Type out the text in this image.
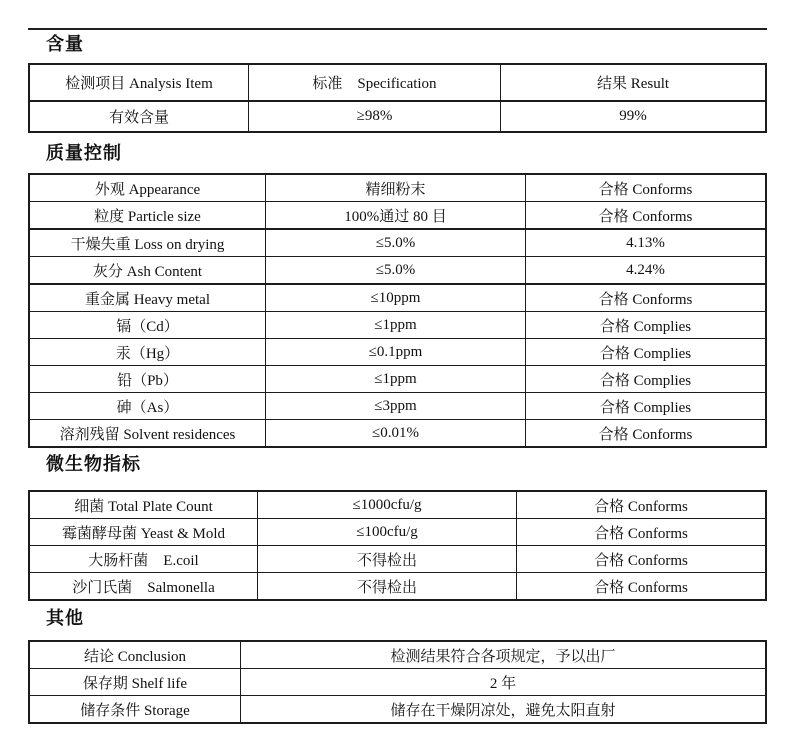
含量
检测项目 Analysis Item	标准　Specification	结果 Result
有效含量	≥98%	99%
质量控制
外观 Appearance	精细粉末	合格 Conforms
粒度 Particle size	100%通过 80 目	合格 Conforms
干燥失重 Loss on drying	≤5.0%	4.13%
灰分 Ash Content	≤5.0%	4.24%
重金属 Heavy metal	≤10ppm	合格 Conforms
镉（Cd）	≤1ppm	合格 Complies
汞（Hg）	≤0.1ppm	合格 Complies
铅（Pb）	≤1ppm	合格 Complies
砷（As）	≤3ppm	合格 Complies
溶剂残留 Solvent residences	≤0.01%	合格 Conforms
微生物指标
细菌 Total Plate Count	≤1000cfu/g	合格 Conforms
霉菌酵母菌 Yeast & Mold	≤100cfu/g	合格 Conforms
大肠杆菌　E.coil	不得检出	合格 Conforms
沙门氏菌　Salmonella	不得检出	合格 Conforms
其他
结论 Conclusion	检测结果符合各项规定，予以出厂
保存期 Shelf life	2 年
储存条件 Storage	储存在干燥阴凉处，避免太阳直射
